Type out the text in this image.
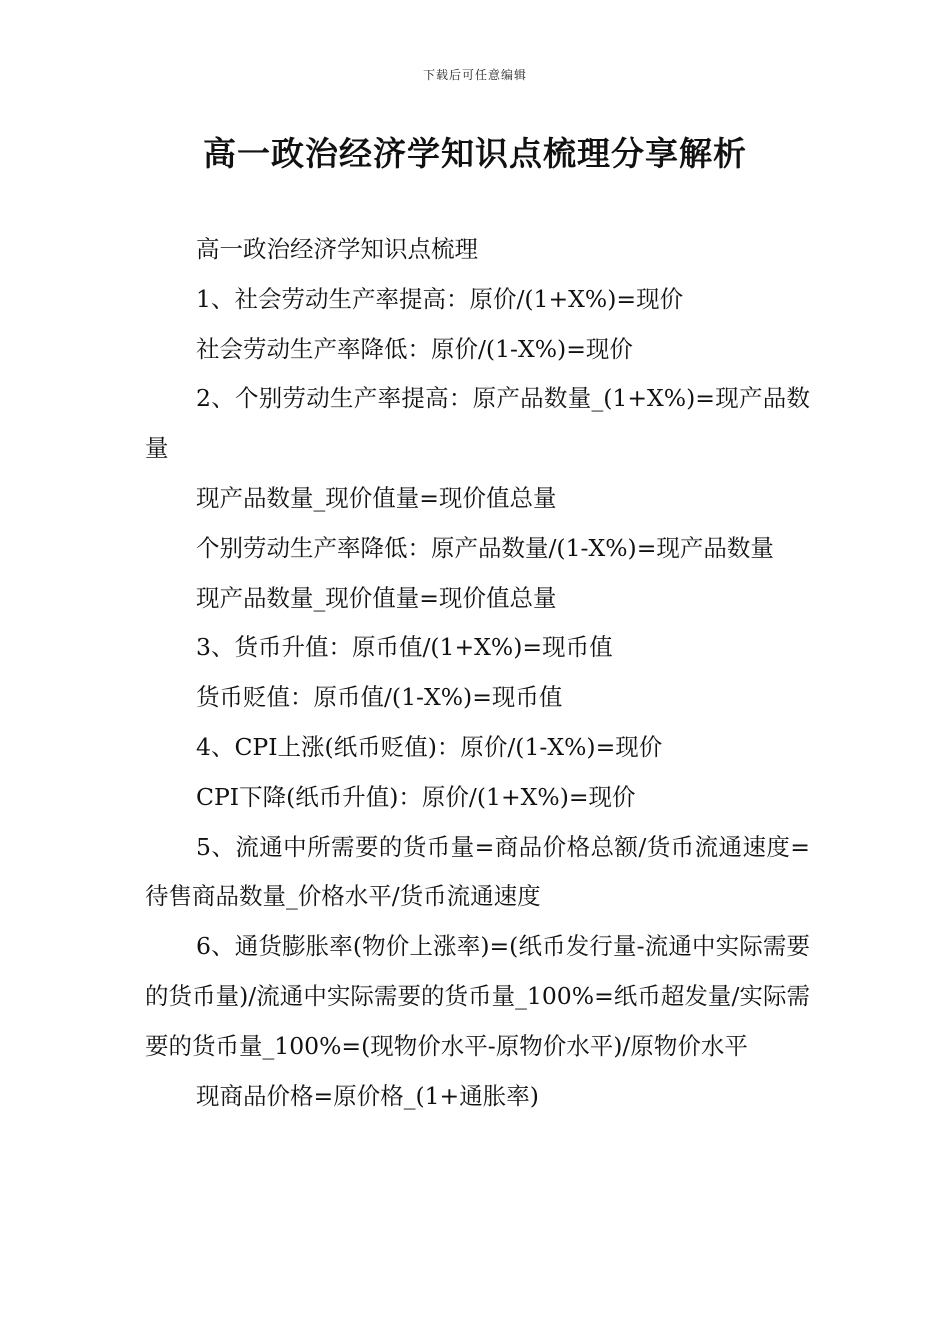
下载后可任意编辑
高一政治经济学知识点梳理分享解析

高一政治经济学知识点梳理

1、社会劳动生产率提高：原价/(1+X%)=现价

社会劳动生产率降低：原价/(1-X%)=现价

2、个别劳动生产率提高：原产品数量_(1+X%)=现产品数量

现产品数量_现价值量=现价值总量

个别劳动生产率降低：原产品数量/(1-X%)=现产品数量

现产品数量_现价值量=现价值总量

3、货币升值：原币值/(1+X%)=现币值

货币贬值：原币值/(1-X%)=现币值

4、CPI上涨(纸币贬值)：原价/(1-X%)=现价

CPI下降(纸币升值)：原价/(1+X%)=现价

5、流通中所需要的货币量=商品价格总额/货币流通速度=待售商品数量_价格水平/货币流通速度

6、通货膨胀率(物价上涨率)=(纸币发行量-流通中实际需要的货币量)/流通中实际需要的货币量_100%=纸币超发量/实际需要的货币量_100%=(现物价水平-原物价水平)/原物价水平

现商品价格=原价格_(1+通胀率)
